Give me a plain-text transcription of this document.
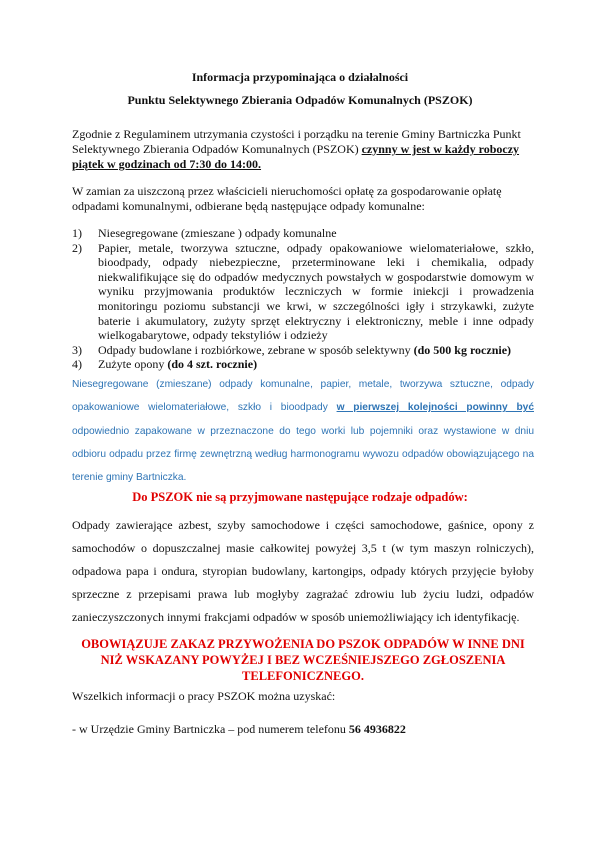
Informacja przypominająca o działalności
Punktu Selektywnego Zbierania Odpadów Komunalnych (PSZOK)
Zgodnie z Regulaminem utrzymania czystości i porządku na terenie Gminy Bartniczka Punkt Selektywnego Zbierania Odpadów Komunalnych (PSZOK) czynny w jest w każdy roboczy piątek w godzinach od 7:30 do 14:00.
W zamian za uiszczoną przez właścicieli nieruchomości opłatę za gospodarowanie opłatę odpadami komunalnymi, odbierane będą następujące odpady komunalne:
1) Niesegregowane (zmieszane ) odpady komunalne
2) Papier, metale, tworzywa sztuczne, odpady opakowaniowe wielomateriałowe, szkło, bioodpady, odpady niebezpieczne, przeterminowane leki i chemikalia, odpady niekwalifikujące się do odpadów medycznych powstałych w gospodarstwie domowym w wyniku przyjmowania produktów leczniczych w formie iniekcji i prowadzenia monitoringu poziomu substancji we krwi, w szczególności igły i strzykawki, zużyte baterie i akumulatory, zużyty sprzęt elektryczny i elektroniczny, meble i inne odpady wielkogabarytowe, odpady tekstyliów i odzieży
3) Odpady budowlane i rozbiórkowe, zebrane w sposób selektywny (do 500 kg rocznie)
4) Zużyte opony (do 4 szt. rocznie)
Niesegregowane (zmieszane) odpady komunalne, papier, metale, tworzywa sztuczne, odpady opakowaniowe wielomateriałowe, szkło i bioodpady w pierwszej kolejności powinny być odpowiednio zapakowane w przeznaczone do tego worki lub pojemniki oraz wystawione w dniu odbioru odpadu przez firmę zewnętrzną według harmonogramu wywozu odpadów obowiązującego na terenie gminy Bartniczka.
Do PSZOK nie są przyjmowane następujące rodzaje odpadów:
Odpady zawierające azbest, szyby samochodowe i części samochodowe, gaśnice, opony z samochodów o dopuszczalnej masie całkowitej powyżej 3,5 t (w tym maszyn rolniczych), odpadowa papa i ondura, styropian budowlany, kartongips, odpady których przyjęcie byłoby sprzeczne z przepisami prawa lub mogłyby zagrażać zdrowiu lub życiu ludzi, odpadów zanieczyszczonych innymi frakcjami odpadów w sposób uniemożliwiający ich identyfikację.
OBOWIĄZUJE ZAKAZ PRZYWOŻENIA DO PSZOK ODPADÓW W INNE DNI NIŻ WSKAZANY POWYŻEJ I BEZ WCZEŚNIEJSZEGO ZGŁOSZENIA TELEFONICZNEGO.
Wszelkich informacji o pracy PSZOK można uzyskać:
- w Urzędzie Gminy Bartniczka – pod numerem telefonu 56 4936822
